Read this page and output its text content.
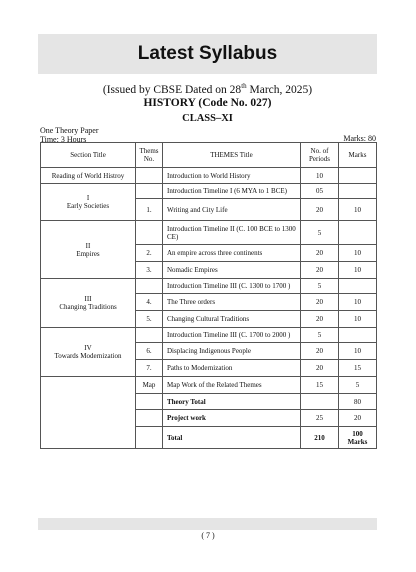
Latest Syllabus
(Issued by CBSE Dated on 28th March, 2025)
HISTORY (Code No. 027)
CLASS–XI
One Theory Paper
Time: 3 Hours	Marks: 80
Section Title	Thems No.	THEMES Title	No. of Periods	Marks
Reading of World Histroy		Introduction to World History	10	

I
Early Societies		Introduction Timeline I (6 MYA to 1 BCE)	05	
	1.	Writing and City Life	20	10

II
Empires		Introduction Timeline II (C. 100 BCE to 1300 CE)	5	
	2.	An empire across three continents	20	10
	3.	Nomadic Empires	20	10

III
Changing Traditions		Introduction Timeline III (C. 1300 to 1700 )	5	
	4.	The Three orders	20	10
	5.	Changing Cultural Traditions	20	10

IV
Towards Modernization		Introduction Timeline III (C. 1700 to 2000 )	5	
	6.	Displacing Indigenous People	20	10
	7.	Paths to Modernization	20	15
	Map	Map Work of the Related Themes	15	5
		Theory Total		80
		Project work	25	20
		Total	210	100
Marks
( 7 )
